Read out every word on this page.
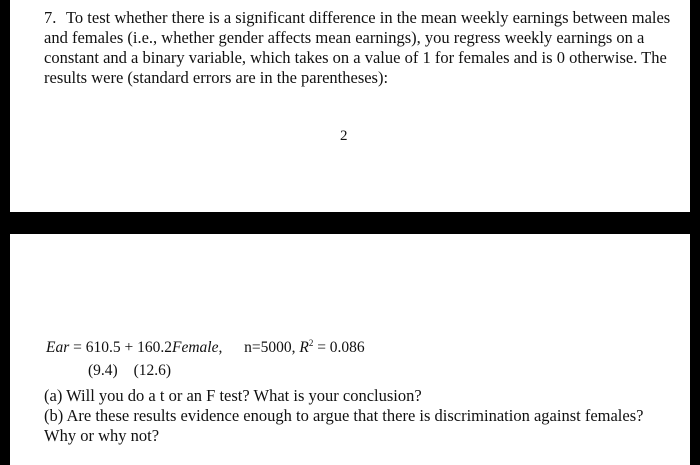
7. To test whether there is a significant difference in the mean weekly earnings between males and females (i.e., whether gender affects mean earnings), you regress weekly earnings on a constant and a binary variable, which takes on a value of 1 for females and is 0 otherwise. The results were (standard errors are in the parentheses):

2
Ear = 610.5 + 160.2Female, n=5000, $R^2 = 0.086$
(9.4) (12.6)

(a) Will you do a t or an F test? What is your conclusion?

(b) Are these results evidence enough to argue that there is discrimination against females? Why or why not?
